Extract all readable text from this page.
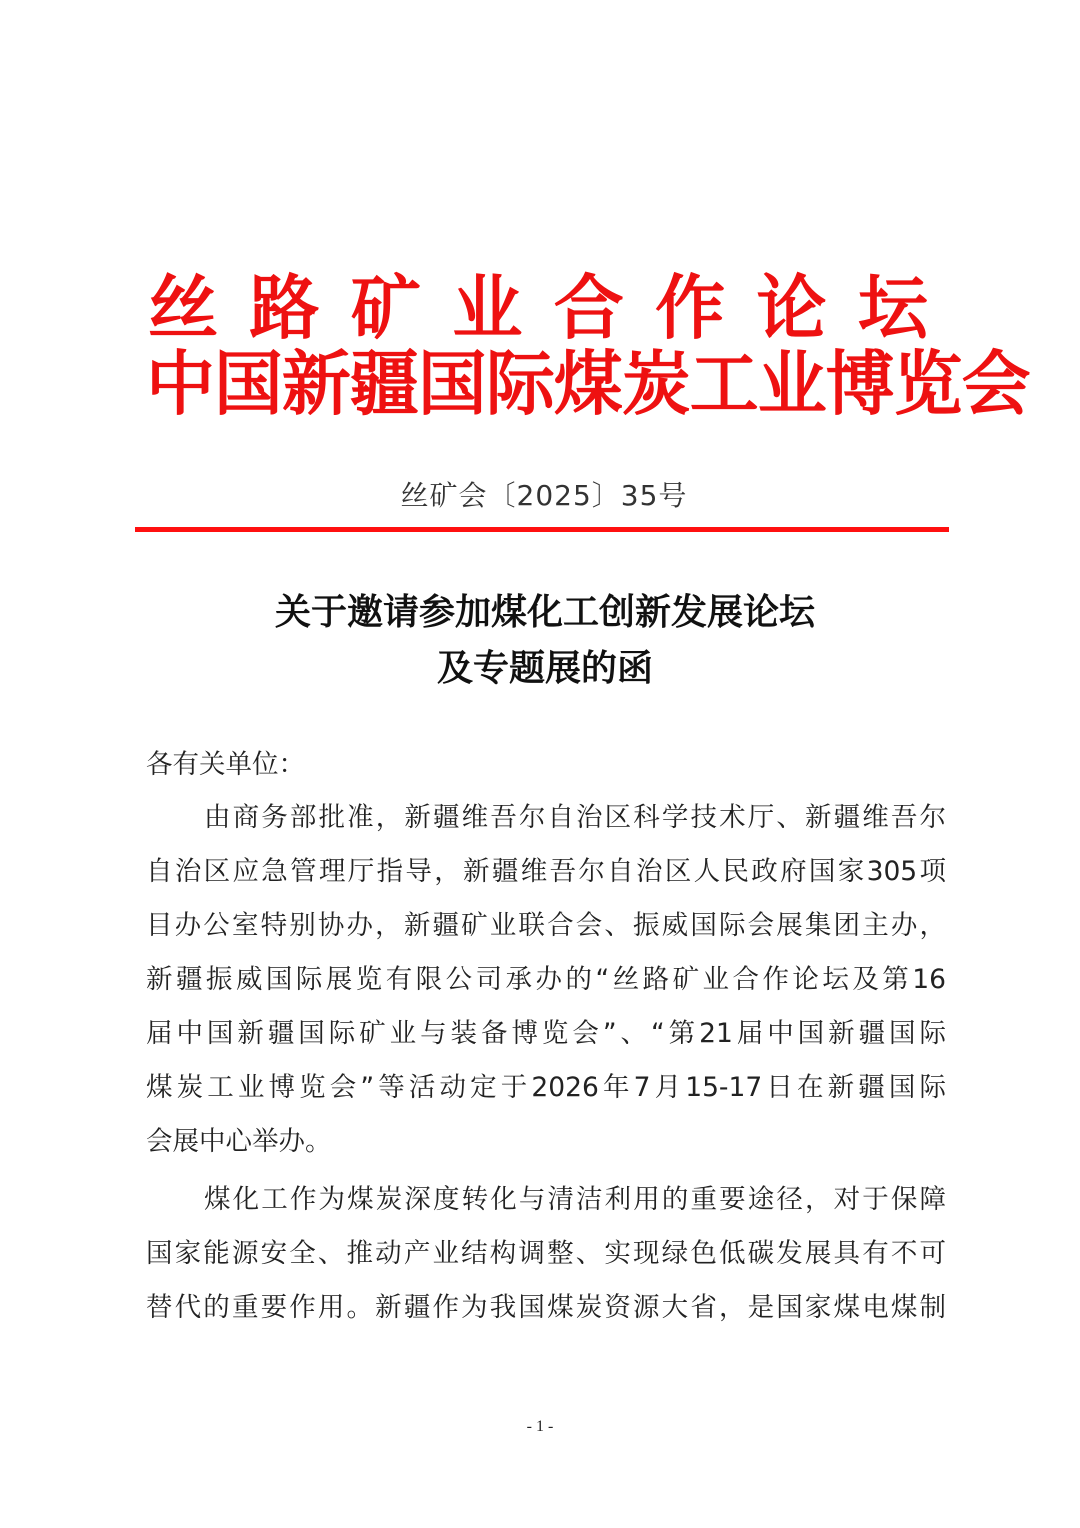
丝 路 矿 业 合 作 论 坛
中国新疆国际煤炭工业博览会
丝矿会〔2025〕35号
关于邀请参加煤化工创新发展论坛
及专题展的函
各有关单位：
由商务部批准，新疆维吾尔自治区科学技术厅、新疆维吾尔
自治区应急管理厅指导，新疆维吾尔自治区人民政府国家305项
目办公室特别协办，新疆矿业联合会、振威国际会展集团主办，
新疆振威国际展览有限公司承办的“丝路矿业合作论坛及第16
届中国新疆国际矿业与装备博览会”、“第21届中国新疆国际
煤炭工业博览会”等活动定于2026年7月15-17日在新疆国际
会展中心举办。
煤化工作为煤炭深度转化与清洁利用的重要途径，对于保障
国家能源安全、推动产业结构调整、实现绿色低碳发展具有不可
替代的重要作用。新疆作为我国煤炭资源大省，是国家煤电煤制
- 1 -
